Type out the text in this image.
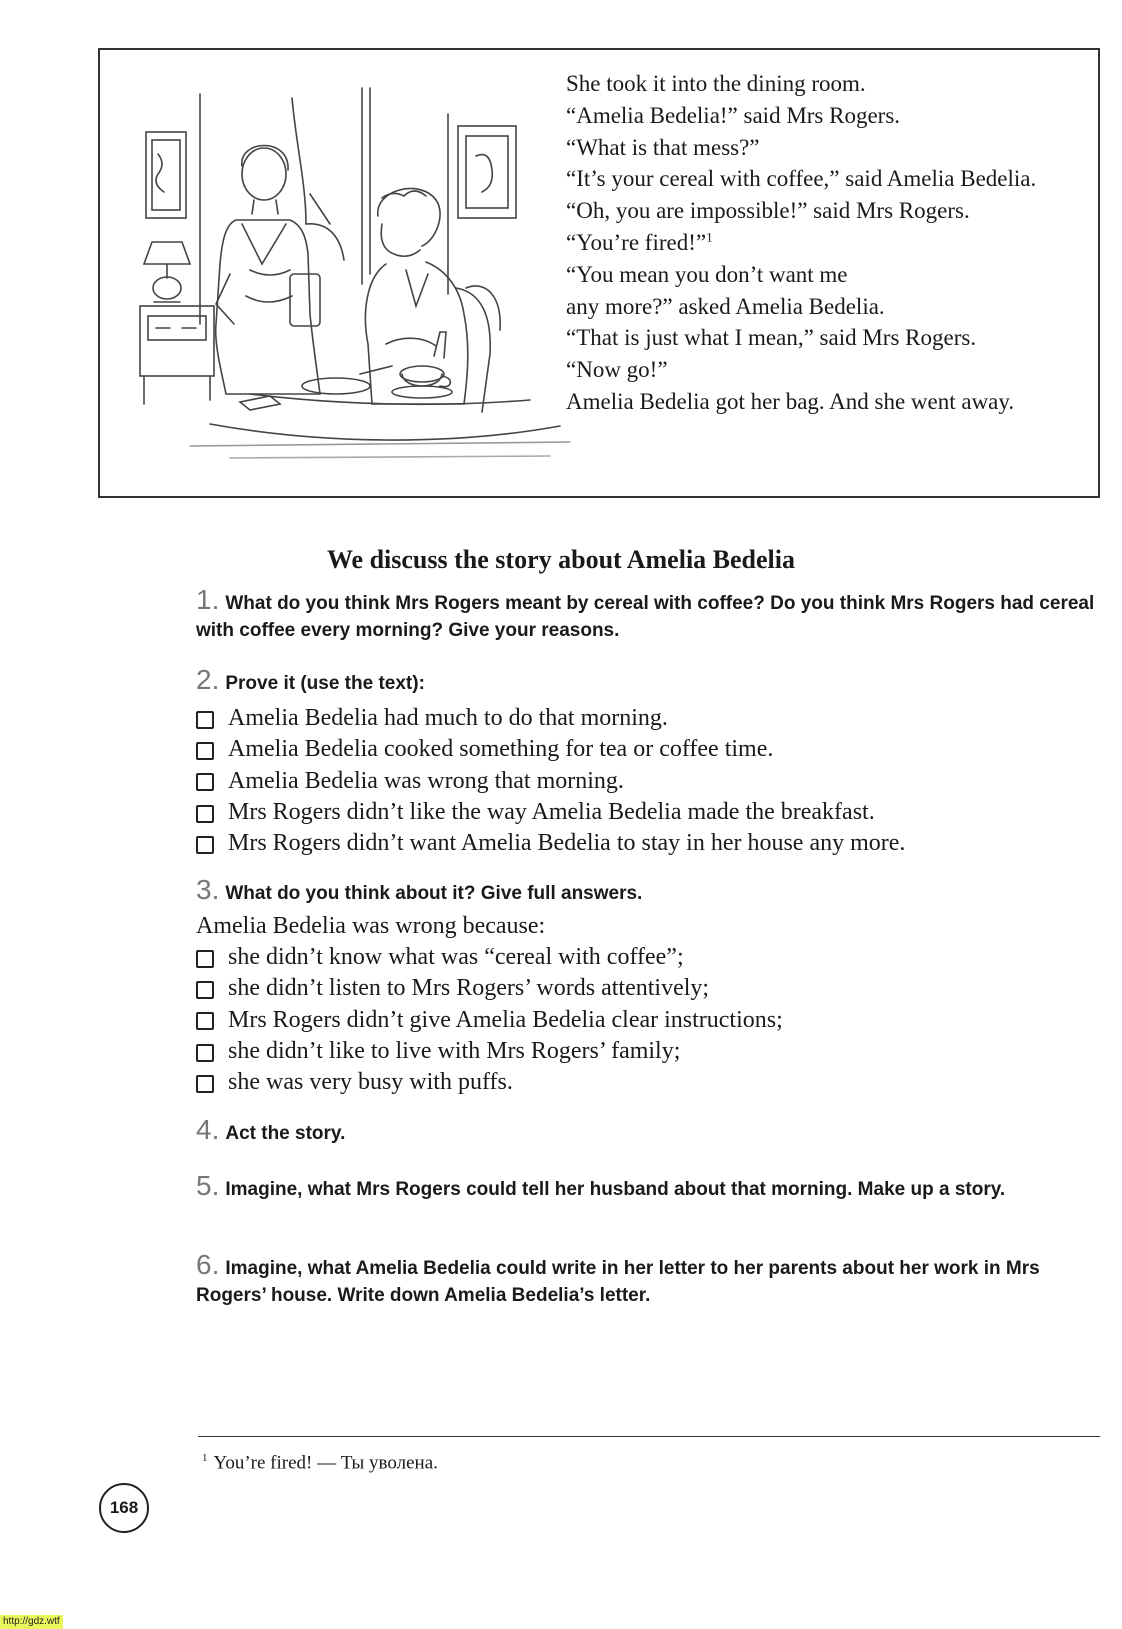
She took it into the dining room.

“Amelia Bedelia!” said Mrs Rogers.

“What is that mess?”

“It’s your cereal with coffee,” said Amelia Bedelia.

“Oh, you are impossible!” said Mrs Rogers.

“You’re fired!”$^1$

“You mean you don’t want me

any more?” asked Amelia Bedelia.

“That is just what I mean,” said Mrs Rogers.

“Now go!”

Amelia Bedelia got her bag. And she went away.

We discuss the story about Amelia Bedelia

1. What do you think Mrs Rogers meant by cereal with coffee? Do you think Mrs Rogers had cereal with coffee every morning? Give your reasons.

2. Prove it (use the text):

Amelia Bedelia had much to do that morning.
Amelia Bedelia cooked something for tea or coffee time.
Amelia Bedelia was wrong that morning.
Mrs Rogers didn’t like the way Amelia Bedelia made the breakfast.
Mrs Rogers didn’t want Amelia Bedelia to stay in her house any more.

3. What do you think about it? Give full answers.

Amelia Bedelia was wrong because:

she didn’t know what was “cereal with coffee”;
she didn’t listen to Mrs Rogers’ words attentively;
Mrs Rogers didn’t give Amelia Bedelia clear instructions;
she didn’t like to live with Mrs Rogers’ family;
she was very busy with puffs.

4. Act the story.

5. Imagine, what Mrs Rogers could tell her husband about that morning. Make up a story.

6. Imagine, what Amelia Bedelia could write in her letter to her parents about her work in Mrs Rogers’ house. Write down Amelia Bedelia’s letter.

$^1$ You’re fired! — Ты уволена.

168
http://gdz.wtf
